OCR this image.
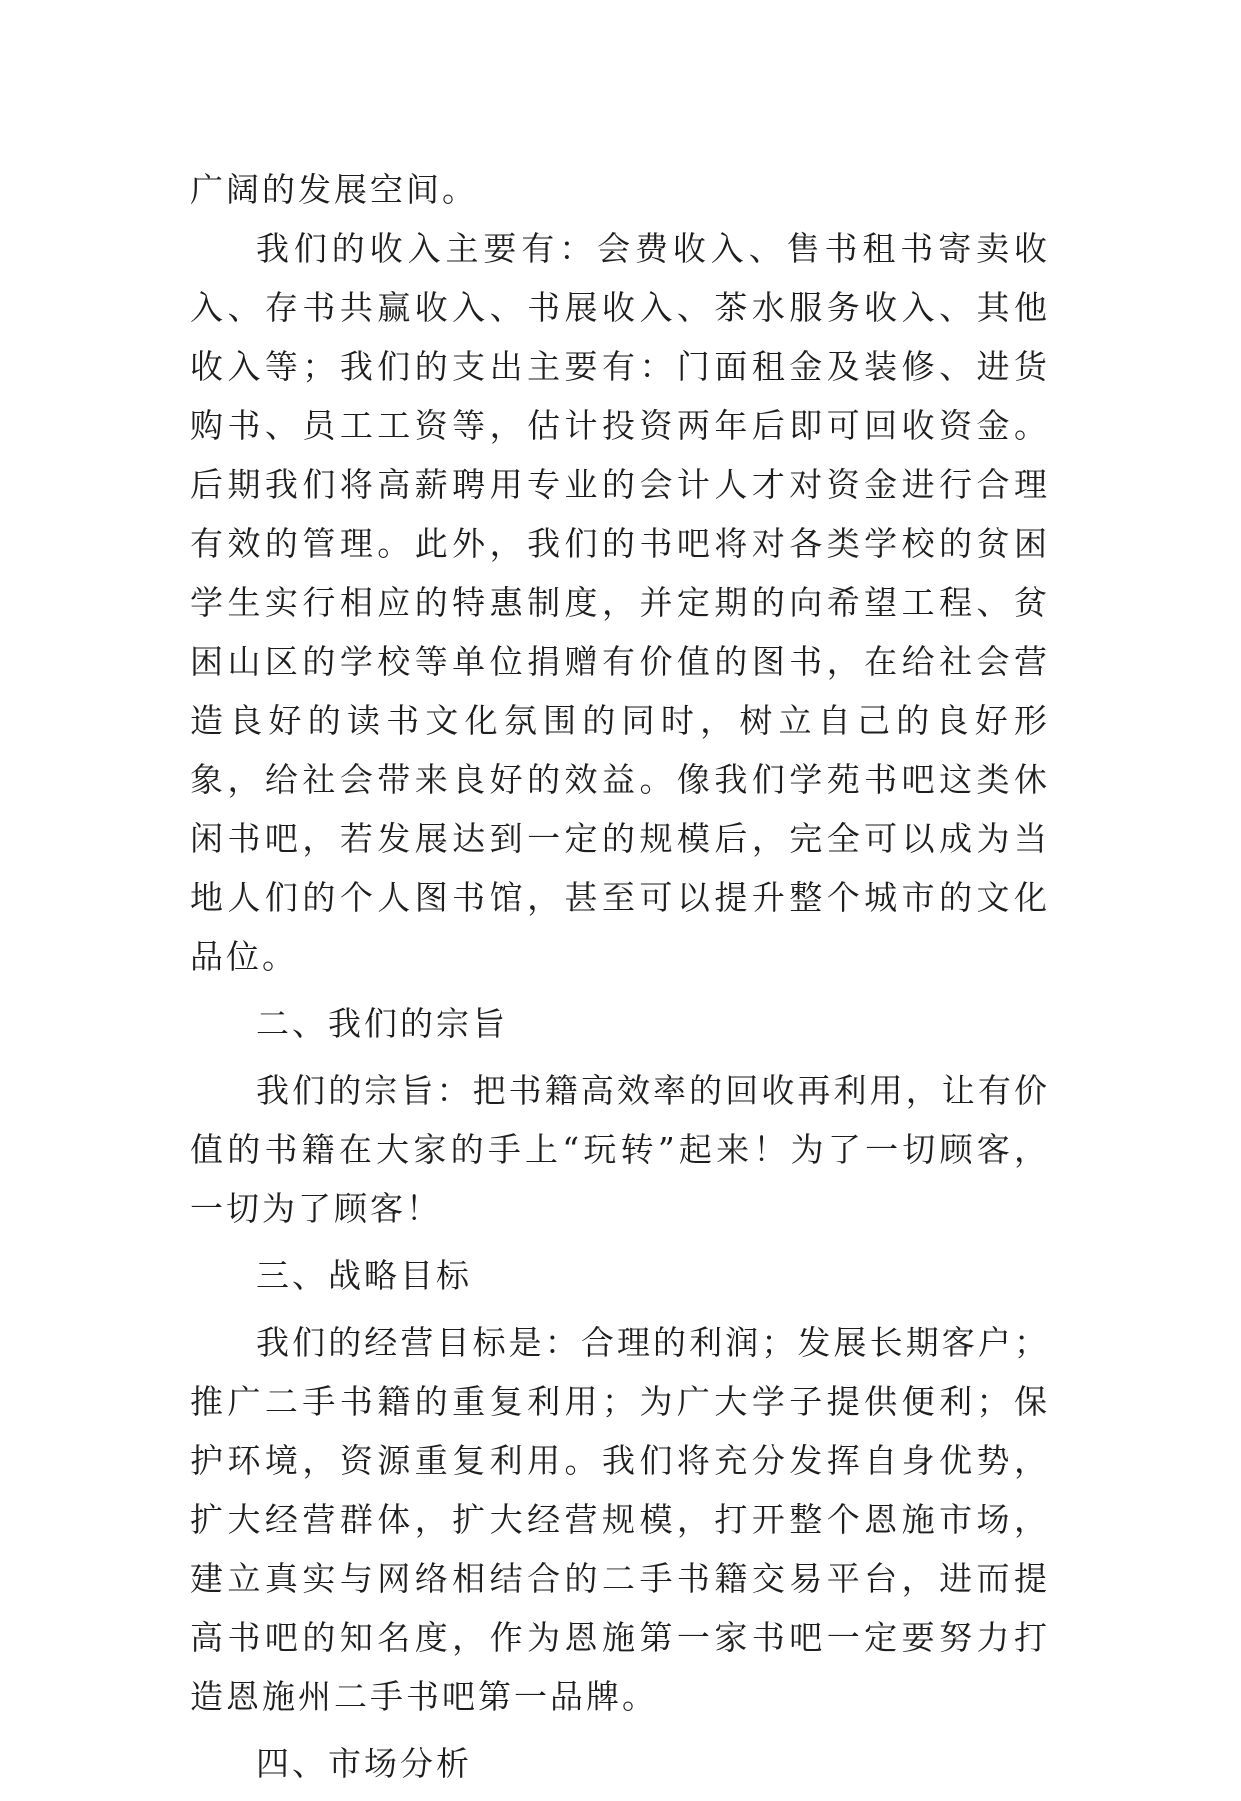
广阔的发展空间。

我们的收入主要有：会费收入、售书租书寄卖收入、存书共赢收入、书展收入、茶水服务收入、其他收入等；我们的支出主要有：门面租金及装修、进货购书、员工工资等，估计投资两年后即可回收资金。后期我们将高薪聘用专业的会计人才对资金进行合理有效的管理。此外，我们的书吧将对各类学校的贫困学生实行相应的特惠制度，并定期的向希望工程、贫困山区的学校等单位捐赠有价值的图书，在给社会营造良好的读书文化氛围的同时，树立自己的良好形象，给社会带来良好的效益。像我们学苑书吧这类休闲书吧，若发展达到一定的规模后，完全可以成为当地人们的个人图书馆，甚至可以提升整个城市的文化品位。

二、我们的宗旨

我们的宗旨：把书籍高效率的回收再利用，让有价值的书籍在大家的手上“玩转”起来！为了一切顾客，一切为了顾客！

三、战略目标

我们的经营目标是：合理的利润；发展长期客户；推广二手书籍的重复利用；为广大学子提供便利；保护环境，资源重复利用。我们将充分发挥自身优势，扩大经营群体，扩大经营规模，打开整个恩施市场，建立真实与网络相结合的二手书籍交易平台，进而提高书吧的知名度，作为恩施第一家书吧一定要努力打造恩施州二手书吧第一品牌。

四、市场分析
